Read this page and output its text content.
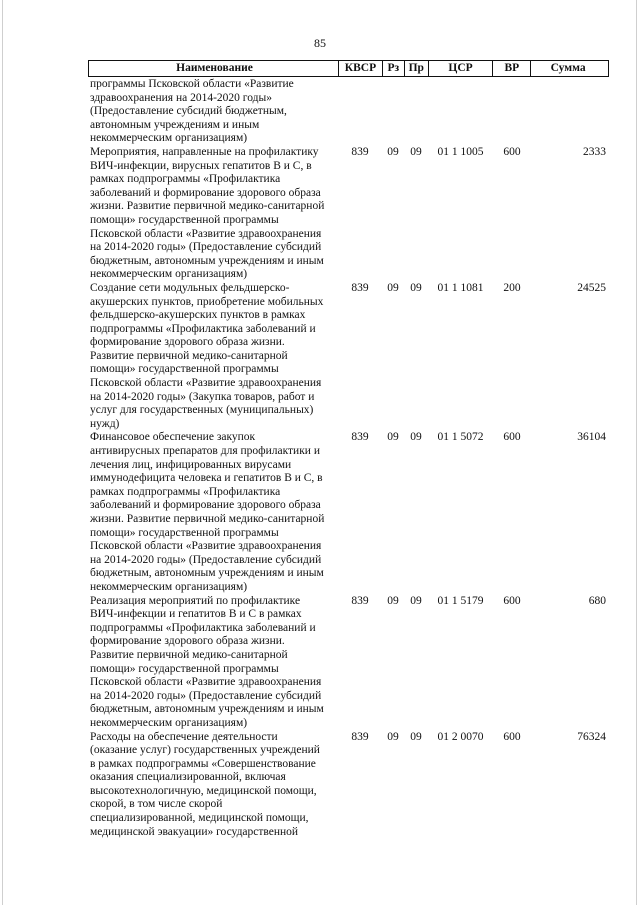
85
Наименование	КВСР Рз Пр	ЦСР	ВР	Сумма
программы Псковской области «Развитие
здравоохранения на 2014-2020 годы»
(Предоставление субсидий бюджетным,
автономным учреждениям и иным
некоммерческим организациям)
Мероприятия, направленные на профилактику
ВИЧ-инфекции, вирусных гепатитов В и С, в
рамках подпрограммы «Профилактика
заболеваний и формирование здорового образа
жизни. Развитие первичной медико-санитарной
помощи» государственной программы
Псковской области «Развитие здравоохранения
на 2014-2020 годы» (Предоставление субсидий
бюджетным, автономным учреждениям и иным
некоммерческим организациям)
839	09	09	01 1 1005	600	2333
Создание сети модульных фельдшерско-
акушерских пунктов, приобретение мобильных
фельдшерско-акушерских пунктов в рамках
подпрограммы «Профилактика заболеваний и
формирование здорового образа жизни.
Развитие первичной медико-санитарной
помощи» государственной программы
Псковской области «Развитие здравоохранения
на 2014-2020 годы» (Закупка товаров, работ и
услуг для государственных (муниципальных)
нужд)
839	09	09	01 1 1081	200	24525
Финансовое обеспечение закупок
антивирусных препаратов для профилактики и
лечения лиц, инфицированных вирусами
иммунодефицита человека и гепатитов В и С, в
рамках подпрограммы «Профилактика
заболеваний и формирование здорового образа
жизни. Развитие первичной медико-санитарной
помощи» государственной программы
Псковской области «Развитие здравоохранения
на 2014-2020 годы» (Предоставление субсидий
бюджетным, автономным учреждениям и иным
некоммерческим организациям)
839	09	09	01 1 5072	600	36104
Реализация мероприятий по профилактике
ВИЧ-инфекции и гепатитов В и С в рамках
подпрограммы «Профилактика заболеваний и
формирование здорового образа жизни.
Развитие первичной медико-санитарной
помощи» государственной программы
Псковской области «Развитие здравоохранения
на 2014-2020 годы» (Предоставление субсидий
бюджетным, автономным учреждениям и иным
некоммерческим организациям)
839	09	09	01 1 5179	600	680
Расходы на обеспечение деятельности
(оказание услуг) государственных учреждений
в рамках подпрограммы «Совершенствование
оказания специализированной, включая
высокотехнологичную, медицинской помощи,
скорой, в том числе скорой
специализированной, медицинской помощи,
медицинской эвакуации» государственной
839	09	09	01 2 0070	600	76324
